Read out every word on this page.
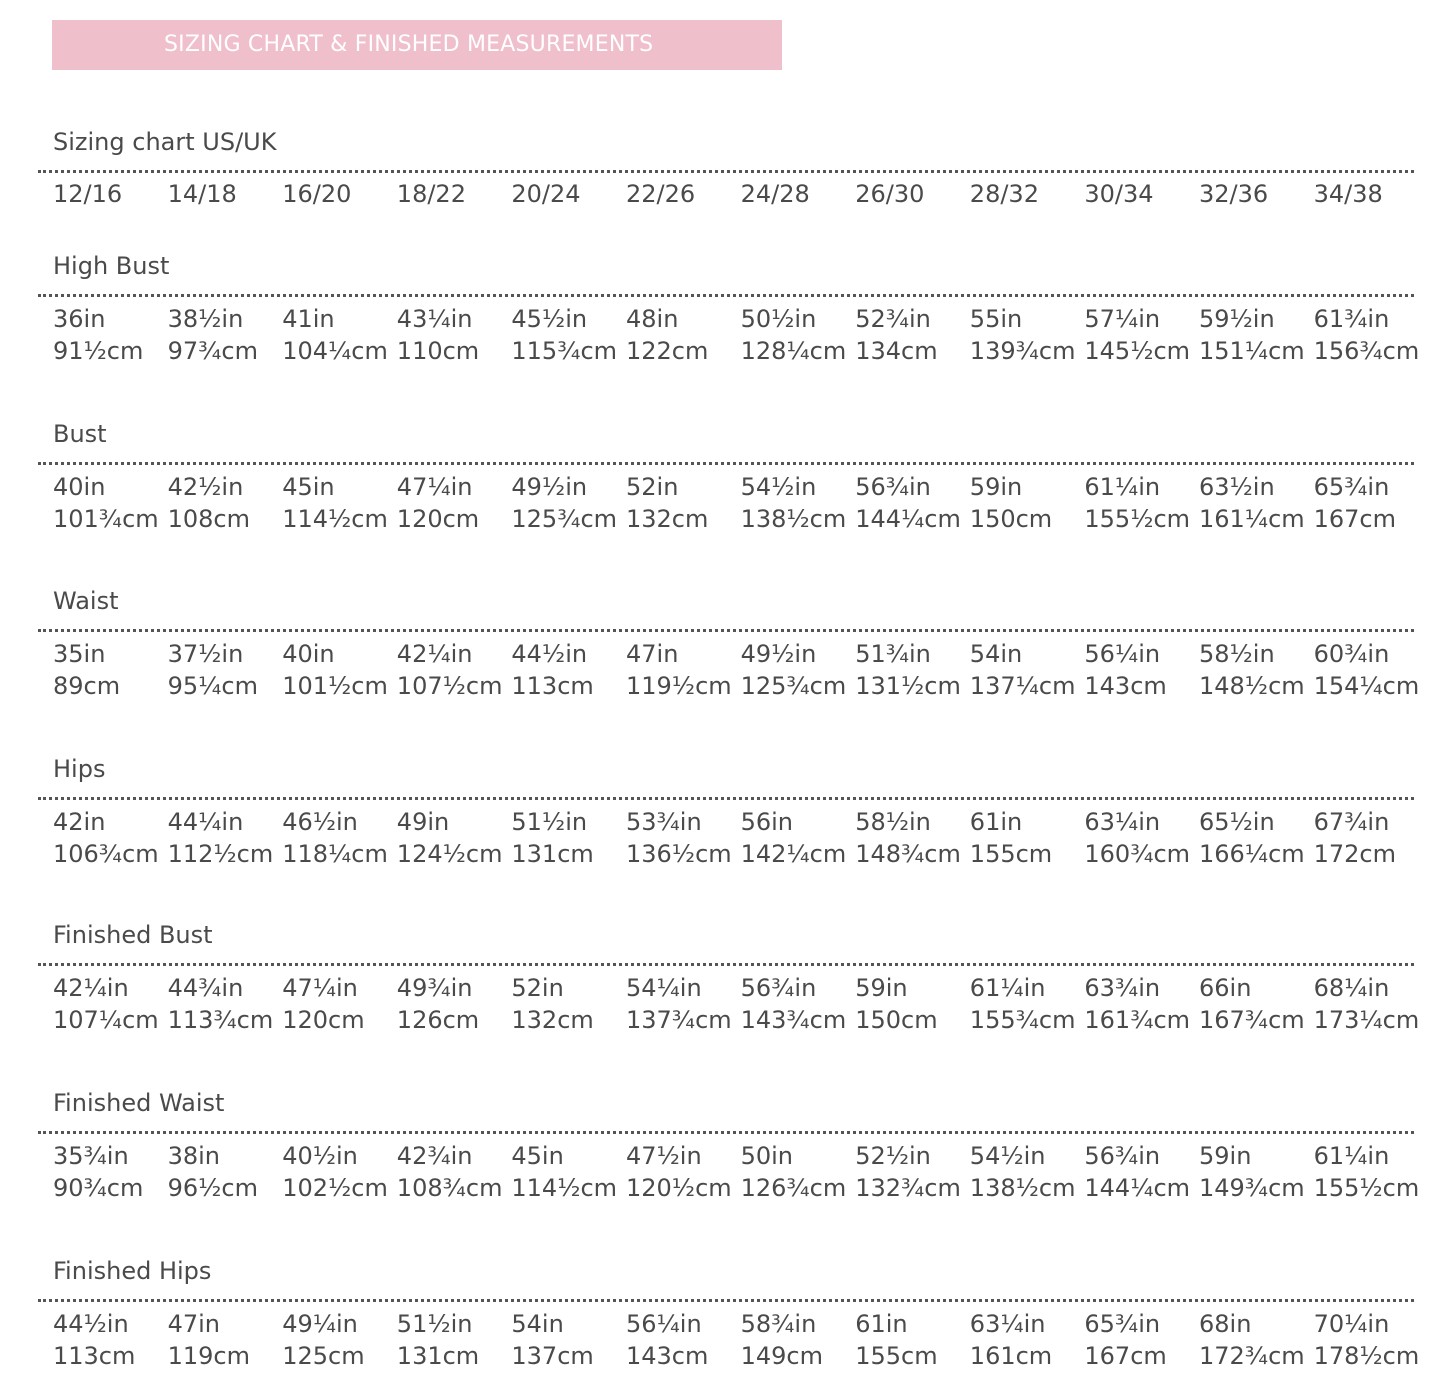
SIZING CHART & FINISHED MEASUREMENTS
Sizing chart US/UK
12/16 14/18 16/20 18/22 20/24 22/26 24/28 26/30 28/32 30/34 32/36 34/38
High Bust
36in
91½cm
38½in
97¾cm
41in
104¼cm
43¼in
110cm
45½in
115¾cm
48in
122cm
50½in
128¼cm
52¾in
134cm
55in
139¾cm
57¼in
145½cm
59½in
151¼cm
61¾in
156¾cm
Bust
40in
101¾cm
42½in
108cm
45in
114½cm
47¼in
120cm
49½in
125¾cm
52in
132cm
54½in
138½cm
56¾in
144¼cm
59in
150cm
61¼in
155½cm
63½in
161¼cm
65¾in
167cm
Waist
35in
89cm
37½in
95¼cm
40in
101½cm
42¼in
107½cm
44½in
113cm
47in
119½cm
49½in
125¾cm
51¾in
131½cm
54in
137¼cm
56¼in
143cm
58½in
148½cm
60¾in
154¼cm
Hips
42in
106¾cm
44¼in
112½cm
46½in
118¼cm
49in
124½cm
51½in
131cm
53¾in
136½cm
56in
142¼cm
58½in
148¾cm
61in
155cm
63¼in
160¾cm
65½in
166¼cm
67¾in
172cm
Finished Bust
42¼in
107¼cm
44¾in
113¾cm
47¼in
120cm
49¾in
126cm
52in
132cm
54¼in
137¾cm
56¾in
143¾cm
59in
150cm
61¼in
155¾cm
63¾in
161¾cm
66in
167¾cm
68¼in
173¼cm
Finished Waist
35¾in
90¾cm
38in
96½cm
40½in
102½cm
42¾in
108¾cm
45in
114½cm
47½in
120½cm
50in
126¾cm
52½in
132¾cm
54½in
138½cm
56¾in
144¼cm
59in
149¾cm
61¼in
155½cm
Finished Hips
44½in
113cm
47in
119cm
49¼in
125cm
51½in
131cm
54in
137cm
56¼in
143cm
58¾in
149cm
61in
155cm
63¼in
161cm
65¾in
167cm
68in
172¾cm
70¼in
178½cm
